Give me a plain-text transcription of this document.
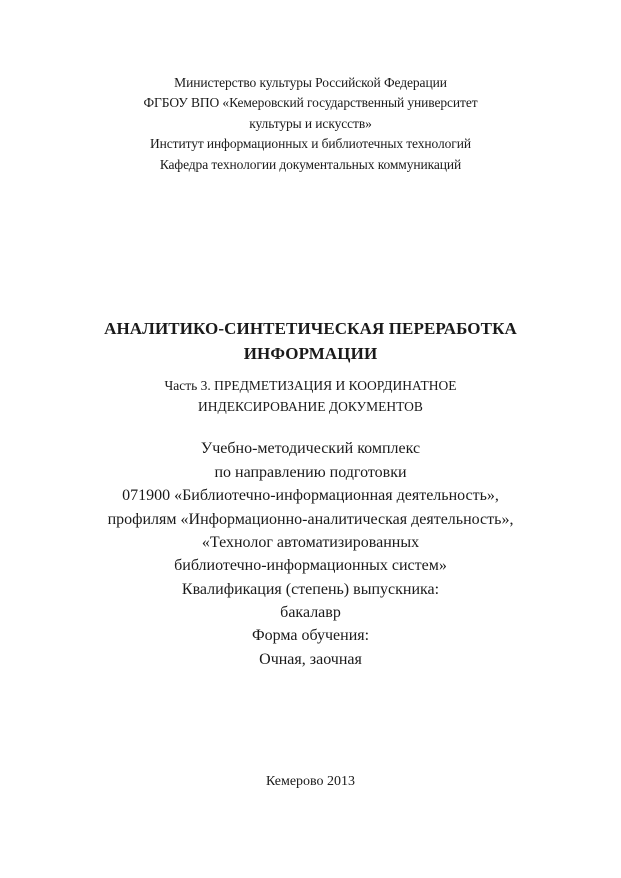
Министерство культуры Российской Федерации
ФГБОУ ВПО «Кемеровский государственный университет
культуры и искусств»
Институт информационных и библиотечных технологий
Кафедра технологии документальных коммуникаций
АНАЛИТИКО-СИНТЕТИЧЕСКАЯ ПЕРЕРАБОТКА
ИНФОРМАЦИИ
Часть 3. ПРЕДМЕТИЗАЦИЯ И КООРДИНАТНОЕ
ИНДЕКСИРОВАНИЕ ДОКУМЕНТОВ
Учебно-методический комплекс
по направлению подготовки
071900 «Библиотечно-информационная деятельность»,
профилям «Информационно-аналитическая деятельность»,
«Технолог автоматизированных
библиотечно-информационных систем»
Квалификация (степень) выпускника:
бакалавр
Форма обучения:
Очная, заочная
Кемерово 2013
